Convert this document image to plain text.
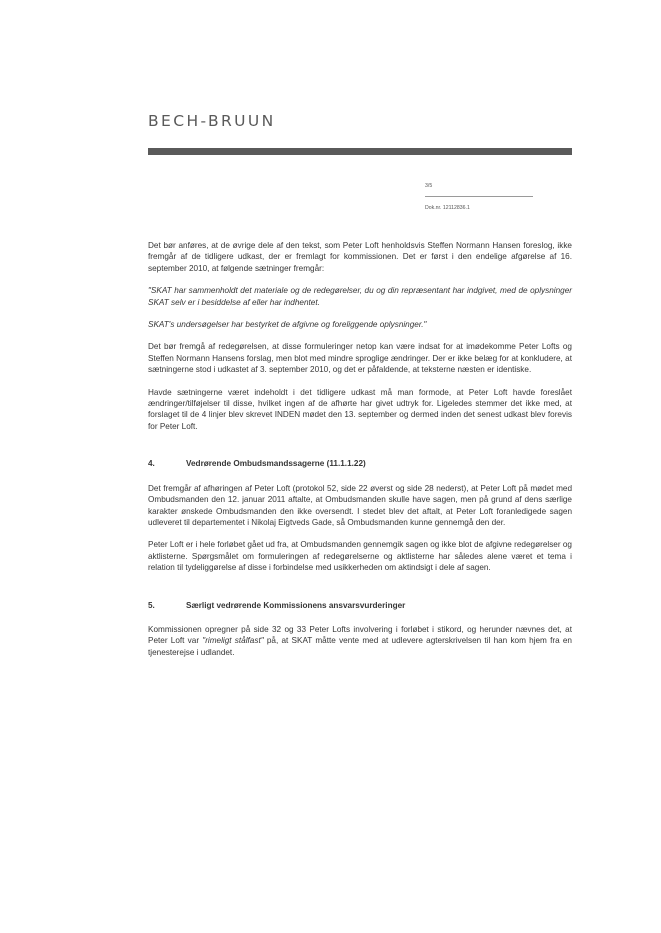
BECH-BRUUN
3/5
Dok.nr. 12112836.1

Det bør anføres, at de øvrige dele af den tekst, som Peter Loft henholdsvis Steffen Normann Hansen foreslog, ikke fremgår af de tidligere udkast, der er fremlagt for kommissionen. Det er først i den endelige afgørelse af 16. september 2010, at følgende sætninger fremgår:

"SKAT har sammenholdt det materiale og de redegørelser, du og din repræsentant har indgivet, med de oplysninger SKAT selv er i besiddelse af eller har indhentet.

SKAT's undersøgelser har bestyrket de afgivne og foreliggende oplysninger."

Det bør fremgå af redegørelsen, at disse formuleringer netop kan være indsat for at imødekomme Peter Lofts og Steffen Normann Hansens forslag, men blot med mindre sproglige ændringer. Der er ikke belæg for at konkludere, at sætningerne stod i udkastet af 3. september 2010, og det er påfaldende, at teksterne næsten er identiske.

Havde sætningerne været indeholdt i det tidligere udkast må man formode, at Peter Loft havde foreslået ændringer/tilføjelser til disse, hvilket ingen af de afhørte har givet udtryk for. Ligeledes stemmer det ikke med, at forslaget til de 4 linjer blev skrevet INDEN mødet den 13. september og dermed inden det senest udkast blev forevis for Peter Loft.

4.	Vedrørende Ombudsmandssagerne (11.1.1.22)

Det fremgår af afhøringen af Peter Loft (protokol 52, side 22 øverst og side 28 nederst), at Peter Loft på mødet med Ombudsmanden den 12. januar 2011 aftalte, at Ombudsmanden skulle have sagen, men på grund af dens særlige karakter ønskede Ombudsmanden den ikke oversendt. I stedet blev det aftalt, at Peter Loft foranledigede sagen udleveret til departementet i Nikolaj Eigtveds Gade, så Ombudsmanden kunne gennemgå den der.

Peter Loft er i hele forløbet gået ud fra, at Ombudsmanden gennemgik sagen og ikke blot de afgivne redegørelser og aktlisterne. Spørgsmålet om formuleringen af redegørelserne og aktlisterne har således alene været et tema i relation til tydeliggørelse af disse i forbindelse med usikkerheden om aktindsigt i dele af sagen.

5.	Særligt vedrørende Kommissionens ansvarsvurderinger

Kommissionen opregner på side 32 og 33 Peter Lofts involvering i forløbet i stikord, og herunder nævnes det, at Peter Loft var "rimeligt stålfast" på, at SKAT måtte vente med at udlevere agterskrivelsen til han kom hjem fra en tjenesterejse i udlandet.
